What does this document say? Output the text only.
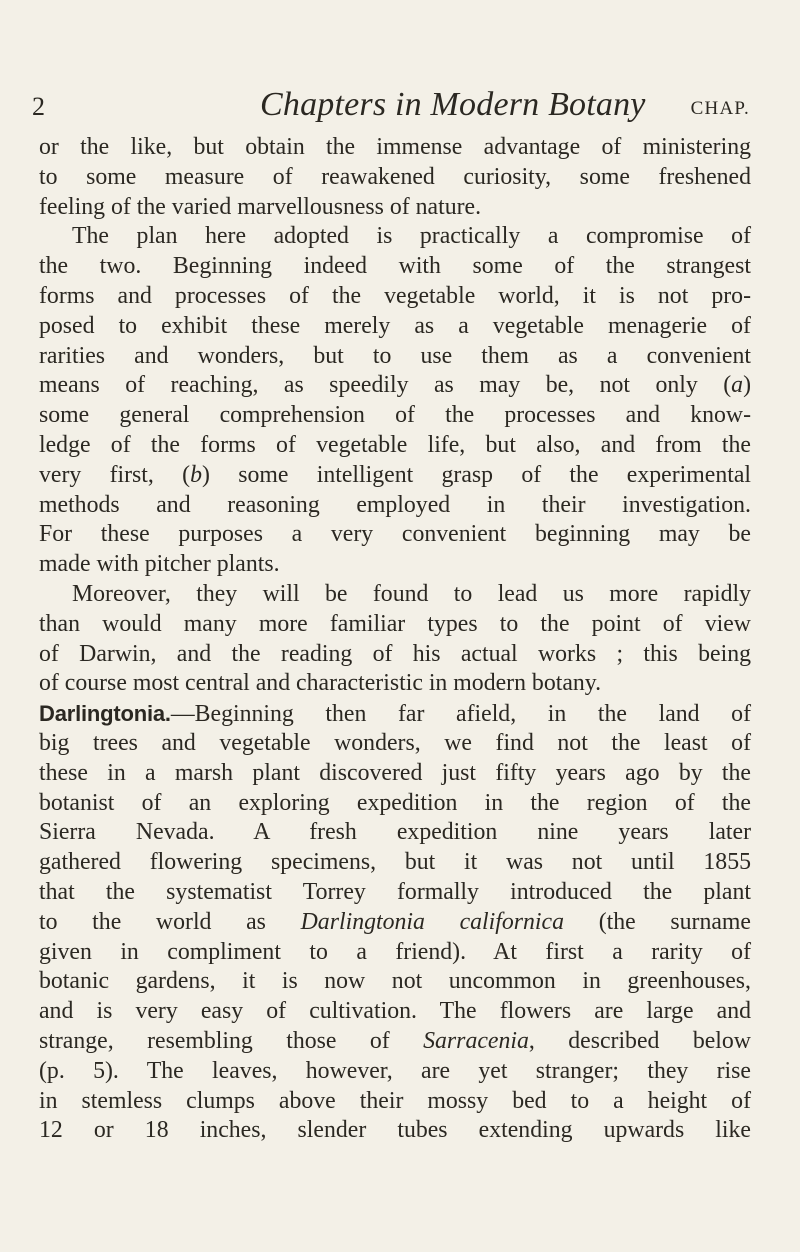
2	Chapters in Modern Botany CHAP.
or the like, but obtain the immense advantage of ministering
to some measure of reawakened curiosity, some freshened
feeling of the varied marvellousness of nature.
The plan here adopted is practically a compromise of
the two. Beginning indeed with some of the strangest
forms and processes of the vegetable world, it is not pro-
posed to exhibit these merely as a vegetable menagerie of
rarities and wonders, but to use them as a convenient
means of reaching, as speedily as may be, not only (a)
some general comprehension of the processes and know-
ledge of the forms of vegetable life, but also, and from the
very first, (b) some intelligent grasp of the experimental
methods and reasoning employed in their investigation.
For these purposes a very convenient beginning may be
made with pitcher plants.
Moreover, they will be found to lead us more rapidly
than would many more familiar types to the point of view
of Darwin, and the reading of his actual works ; this being
of course most central and characteristic in modern botany.
Darlingtonia.—Beginning then far afield, in the land of
big trees and vegetable wonders, we find not the least of
these in a marsh plant discovered just fifty years ago by the
botanist of an exploring expedition in the region of the
Sierra Nevada. A fresh expedition nine years later
gathered flowering specimens, but it was not until 1855
that the systematist Torrey formally introduced the plant
to the world as Darlingtonia californica (the surname
given in compliment to a friend). At first a rarity of
botanic gardens, it is now not uncommon in greenhouses,
and is very easy of cultivation. The flowers are large and
strange, resembling those of Sarracenia, described below
(p. 5). The leaves, however, are yet stranger; they rise
in stemless clumps above their mossy bed to a height of
12 or 18 inches, slender tubes extending upwards like
